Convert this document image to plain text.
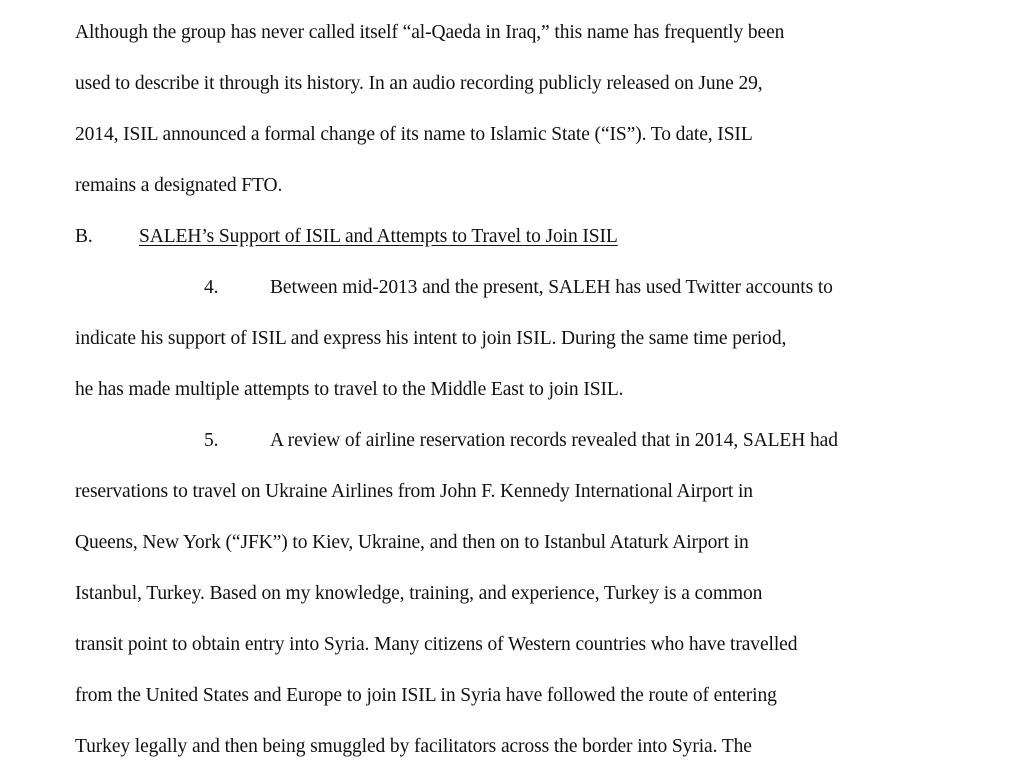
Although the group has never called itself “al-Qaeda in Iraq,” this name has frequently been
used to describe it through its history. In an audio recording publicly released on June 29,
2014, ISIL announced a formal change of its name to Islamic State (“IS”). To date, ISIL
remains a designated FTO.
B. SALEH’s Support of ISIL and Attempts to Travel to Join ISIL
4.	Between mid-2013 and the present, SALEH has used Twitter accounts to
indicate his support of ISIL and express his intent to join ISIL. During the same time period,
he has made multiple attempts to travel to the Middle East to join ISIL.
5.	A review of airline reservation records revealed that in 2014, SALEH had
reservations to travel on Ukraine Airlines from John F. Kennedy International Airport in
Queens, New York (“JFK”) to Kiev, Ukraine, and then on to Istanbul Ataturk Airport in
Istanbul, Turkey. Based on my knowledge, training, and experience, Turkey is a common
transit point to obtain entry into Syria. Many citizens of Western countries who have travelled
from the United States and Europe to join ISIL in Syria have followed the route of entering
Turkey legally and then being smuggled by facilitators across the border into Syria. The
